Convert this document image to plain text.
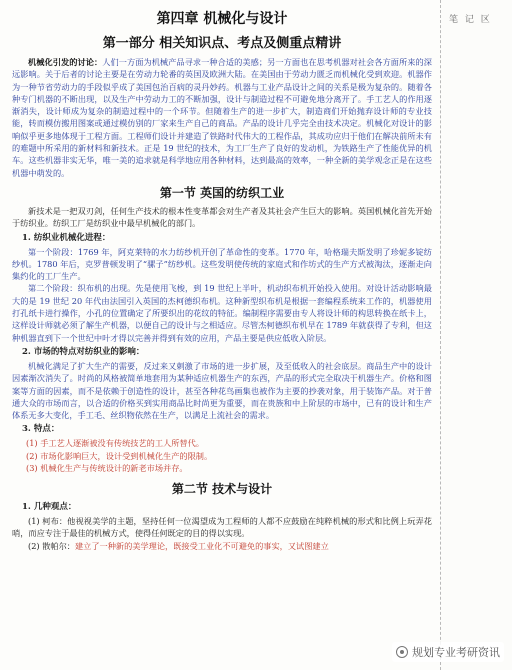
笔 记 区
第四章 机械化与设计
第一部分 相关知识点、考点及侧重点精讲

机械化引发的讨论：人们一方面为机械产品寻求一种合适的美感；另一方面也在思考机器对社会各方面所来的深远影响。关于后者的讨论主要是在劳动力轮番的英国及欧洲大陆。在美国由于劳动力匮乏而机械化受到欢迎。机器作为一种节省劳动力的手段似乎成了美国包治百病的灵丹妙药。机器与工业产品设计之间的关系是极为复杂的。随着各种专门机器的不断出现，以及生产中劳动力工的不断加强，设计与制造过程不可避免地分离开了。手工艺人的作用逐渐消失，设计师成为复杂的制造过程中的一个环节。但随着生产的进一步扩大，制造商们开始抛弃设计师的专业技能，转而模仿搬用图案或通过模仿别的厂家来生产自己的商品。产品的设计几乎完全由技术决定。机械化对设计的影响似乎更多地体现于工程方面。工程师们设计并建造了铁路时代伟大的工程作品，其成功应归于他们在解决前所未有的难题中所采用的新材料和新技术。正是 19 世纪的技术，为工厂生产了良好的发动机，为铁路生产了性能优异的机车。这些机器非实无华，唯一美的追求就是科学地应用各种材料，达到最高的效率，一种全新的美学观念正是在这些机器中萌发的。

第一节 英国的纺织工业

新技术是一把双刃剑，任何生产技术的根本性变革都会对生产者及其社会产生巨大的影响。英国机械化首先开始于纺织业。纺织工厂是纺织业中最早机械化的部门。

1. 纺织业机械化进程：

第一个阶段：1769 年，阿克莱特的水力纺纱机开创了革命性的变革。1770 年，哈格瑞夫斯发明了珍妮多锭纺纱机。1780 年后，克罗普顿发明了“骡子”纺纱机。这些发明使传统的家庭式和作坊式的生产方式被淘汰，逐渐走向集约化的工厂生产。

第二个阶段：织布机的出现。先是使用飞梭，到 19 世纪上半叶，机动织布机开始投入使用。对设计活动影响最大的是 19 世纪 20 年代由法国引入英国的杰柯德织布机。这种新型织布机是根据一套编程系统来工作的，机器使用打孔纸卡进行操作，小孔的位置确定了所要织出的花纹的特征。编制程序需要由专人将设计师的构思转换在纸卡上，这样设计师就必须了解生产机器，以便自己的设计与之相适应。尽管杰柯德织布机早在 1789 年就获得了专利，但这种机器直到下一个世纪中叶才得以完善并得到有效的应用，产品主要是供应低收入阶层。

2. 市场的特点对纺织业的影响：

机械化满足了扩大生产的需要，反过来又刺激了市场的进一步扩展，及至低收入的社会底层。商品生产中的设计因素渐次消失了。时尚的风格被简单地套用为某种适应机器生产的东西，产品的形式完全取决于机器生产。价格和图案等方面的因素，而不是依赖于创造性的设计，甚至各种花鸟画集也被作为主要的抄袭对象，用于装饰产品。对于普通大众的市场而言，以合适的价格买到实用商品比时尚更为重要，而在贵族和中上阶层的市场中，已有的设计和生产体系无多大变化，手工毛、丝织物依然在生产，以满足上流社会的需求。

3. 特点：
(1) 手工艺人逐渐被没有传统技艺的工人所替代。
(2) 市场化影响巨大，设计受到机械化生产的限制。
(3) 机械化生产与传统设计的新老市场并存。
第二节 技术与设计
1. 几种观点：

(1) 柯布：他视视美学的主题，坚持任何一位渴望成为工程师的人都不应鼓励在纯粹机械的形式和比例上玩弄花哨，而应专注于最佳的机械方式，使得任何既定的目的得以实现。

(2) 散帕尔：建立了一种新的美学理论，既接受工业化不可避免的事实，又试图建立

规划专业考研资讯
